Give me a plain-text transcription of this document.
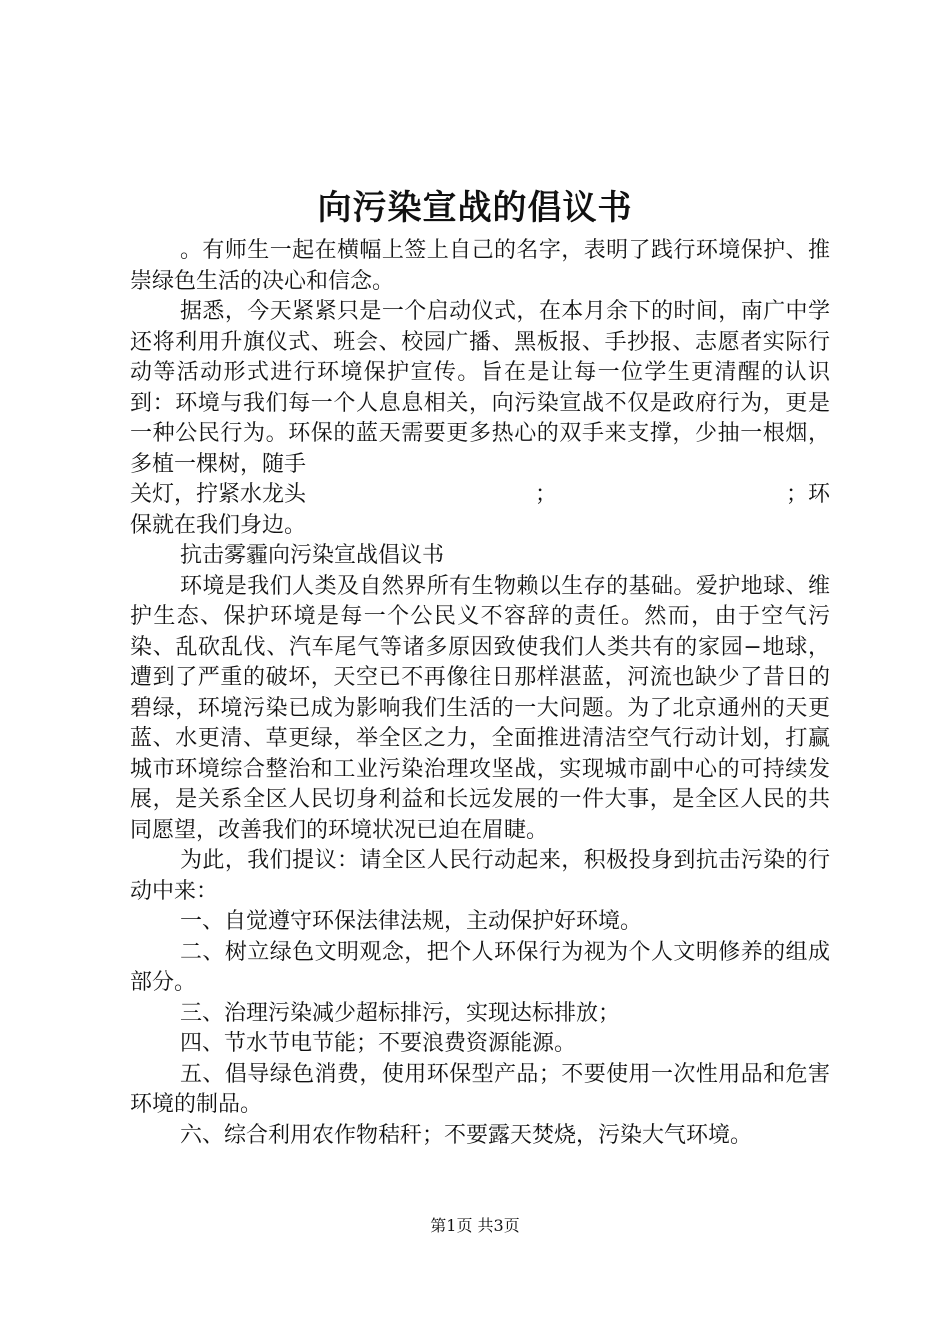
向污染宣战的倡议书

。有师生一起在横幅上签上自己的名字，表明了践行环境保护、推崇绿色生活的决心和信念。

据悉，今天紧紧只是一个启动仪式，在本月余下的时间，南广中学还将利用升旗仪式、班会、校园广播、黑板报、手抄报、志愿者实际行动等活动形式进行环境保护宣传。旨在是让每一位学生更清醒的认识到：环境与我们每一个人息息相关，向污染宣战不仅是政府行为，更是一种公民行为。环保的蓝天需要更多热心的双手来支撑，少抽一根烟，多植一棵树，随手

关灯，拧紧水龙头	；	；环

保就在我们身边。

抗击雾霾向污染宣战倡议书

环境是我们人类及自然界所有生物赖以生存的基础。爱护地球、维护生态、保护环境是每一个公民义不容辞的责任。然而，由于空气污染、乱砍乱伐、汽车尾气等诸多原因致使我们人类共有的家园−地球，遭到了严重的破坏，天空已不再像往日那样湛蓝，河流也缺少了昔日的碧绿，环境污染已成为影响我们生活的一大问题。为了北京通州的天更蓝、水更清、草更绿，举全区之力，全面推进清洁空气行动计划，打赢城市环境综合整治和工业污染治理攻坚战，实现城市副中心的可持续发展，是关系全区人民切身利益和长远发展的一件大事，是全区人民的共同愿望，改善我们的环境状况已迫在眉睫。

为此，我们提议：请全区人民行动起来，积极投身到抗击污染的行动中来：

一、自觉遵守环保法律法规，主动保护好环境。

二、树立绿色文明观念，把个人环保行为视为个人文明修养的组成部分。

三、治理污染减少超标排污，实现达标排放；

四、节水节电节能；不要浪费资源能源。

五、倡导绿色消费，使用环保型产品；不要使用一次性用品和危害环境的制品。

六、综合利用农作物秸秆；不要露天焚烧，污染大气环境。

第1页 共3页
